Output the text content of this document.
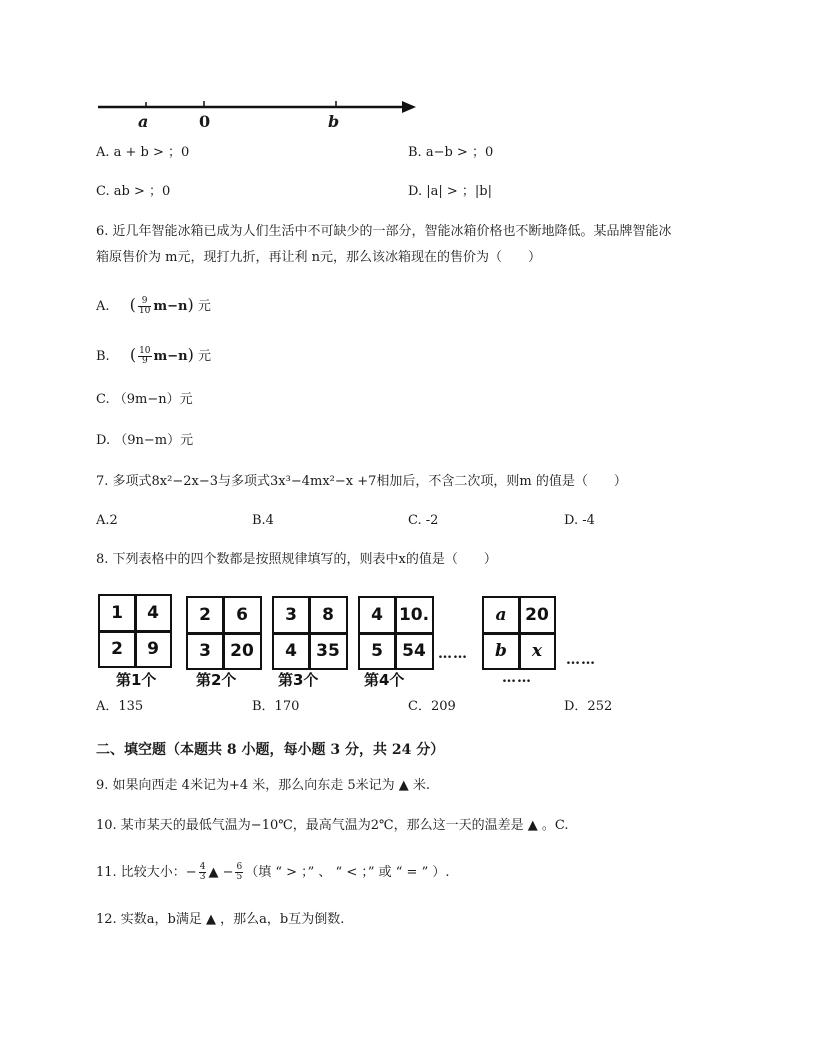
a	0	b
A. a + b > ；0	B. a−b > ；0
C. ab > ；0	D. |a| > ；|b|
6. 近几年智能冰箱已成为人们生活中不可缺少的一部分，智能冰箱价格也不断地降低。某品牌智能冰
箱原售价为 m元，现打九折，再让利 n元，那么该冰箱现在的售价为（　　）
A. 　( $\frac{9}{10} m-n$) 元
B. 　( $\frac{10}{9} m-n$) 元
C. （9m−n）元
D. （9n−m）元
7. 多项式8x²−2x−3与多项式3x³−4mx²−x +7相加后，不含二次项，则m 的值是（　　）
A.2	B.4	C. -2	D. -4
8. 下列表格中的四个数都是按照规律填写的，则表中x的值是（　　）
1	4
2	9
第1个
2	6
3	20
第2个
3	8
4	35
第3个
4 10.
5	54
第4个
……
a	20
b	x
……
……
A．135	B．170	C．209	D．252
二、填空题（本题共 8 小题，每小题 3 分，共 24 分）
9. 如果向西走 4米记为+4 米，那么向东走 5米记为 ▲ 米.
10. 某市某天的最低气温为−10℃，最高气温为2℃，那么这一天的温差是 ▲ 。C.
11. 比较大小：− $\frac{4}{3}$ ▲ − $\frac{6}{5}$ （填 “ > ；” 、 “ < ；” 或 “ = ” ）.
12. 实数a，b满足 ▲ ，那么a，b互为倒数.
